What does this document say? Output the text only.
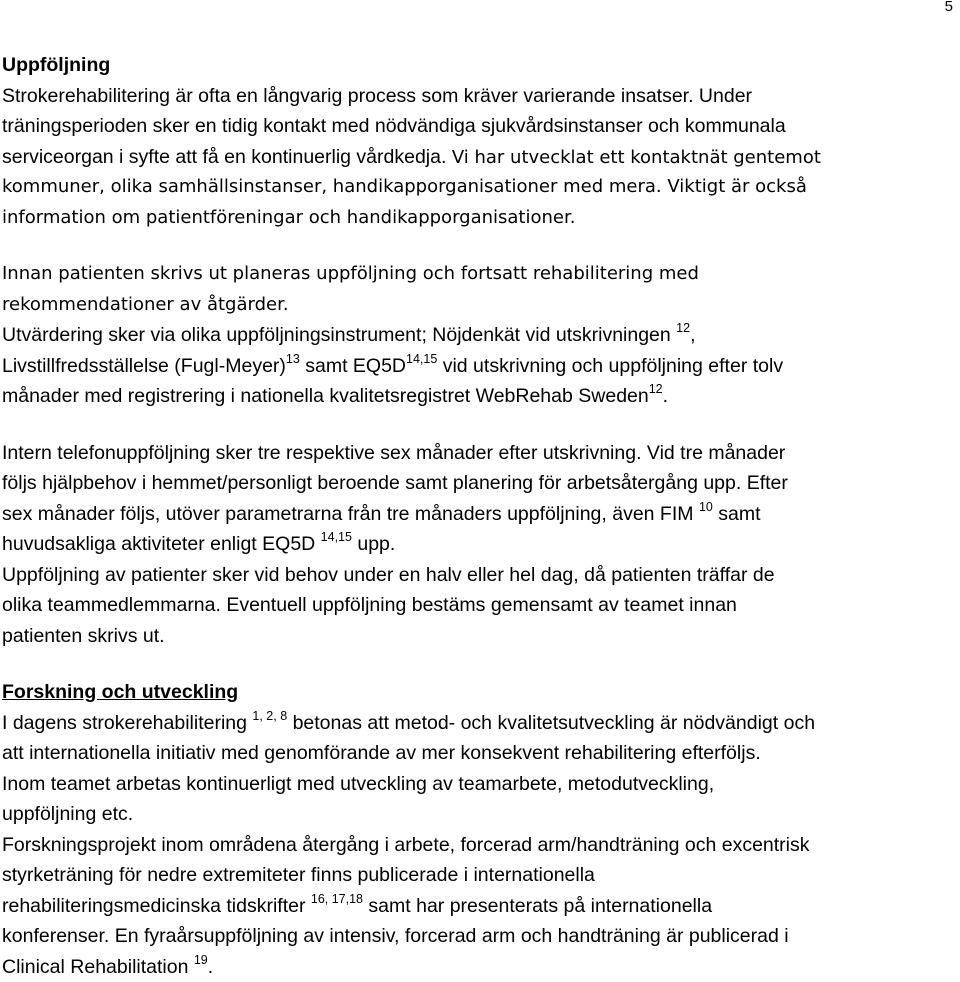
5
Uppföljning
Strokerehabilitering är ofta en långvarig process som kräver varierande insatser. Under
träningsperioden sker en tidig kontakt med nödvändiga sjukvårdsinstanser och kommunala
serviceorgan i syfte att få en kontinuerlig vårdkedja. Vi har utvecklat ett kontaktnät gentemot
kommuner, olika samhällsinstanser, handikapporganisationer med mera. Viktigt är också
information om patientföreningar och handikapporganisationer.
Innan patienten skrivs ut planeras uppföljning och fortsatt rehabilitering med
rekommendationer av åtgärder.
Utvärdering sker via olika uppföljningsinstrument; Nöjdenkät vid utskrivningen $^{12}$,
Livstillfredsställelse (Fugl-Meyer)$^{13}$ samt $EQ5D^{14,15}$ vid utskrivning och uppföljning efter tolv
månader med registrering i nationella kvalitetsregistret WebRehab Sweden$^{12}$.
Intern telefonuppföljning sker tre respektive sex månader efter utskrivning. Vid tre månader
följs hjälpbehov i hemmet/personligt beroende samt planering för arbetsåtergång upp. Efter
sex månader följs, utöver parametrarna från tre månaders uppföljning, även FIM $^{10}$ samt
huvudsakliga aktiviteter enligt EQ5D $^{14,15}$ upp.
Uppföljning av patienter sker vid behov under en halv eller hel dag, då patienten träffar de
olika teammedlemmarna. Eventuell uppföljning bestäms gemensamt av teamet innan
patienten skrivs ut.
Forskning och utveckling
I dagens strokerehabilitering $^{1, 2, 8}$ betonas att metod- och kvalitetsutveckling är nödvändigt och
att internationella initiativ med genomförande av mer konsekvent rehabilitering efterföljs.
Inom teamet arbetas kontinuerligt med utveckling av teamarbete, metodutveckling,
uppföljning etc.
Forskningsprojekt inom områdena återgång i arbete, forcerad arm/handträning och excentrisk
styrketräning för nedre extremiteter finns publicerade i internationella
rehabiliteringsmedicinska tidskrifter $^{16, 17,18}$ samt har presenterats på internationella
konferenser. En fyraårsuppföljning av intensiv, forcerad arm och handträning är publicerad i
Clinical Rehabilitation $^{19}$.
